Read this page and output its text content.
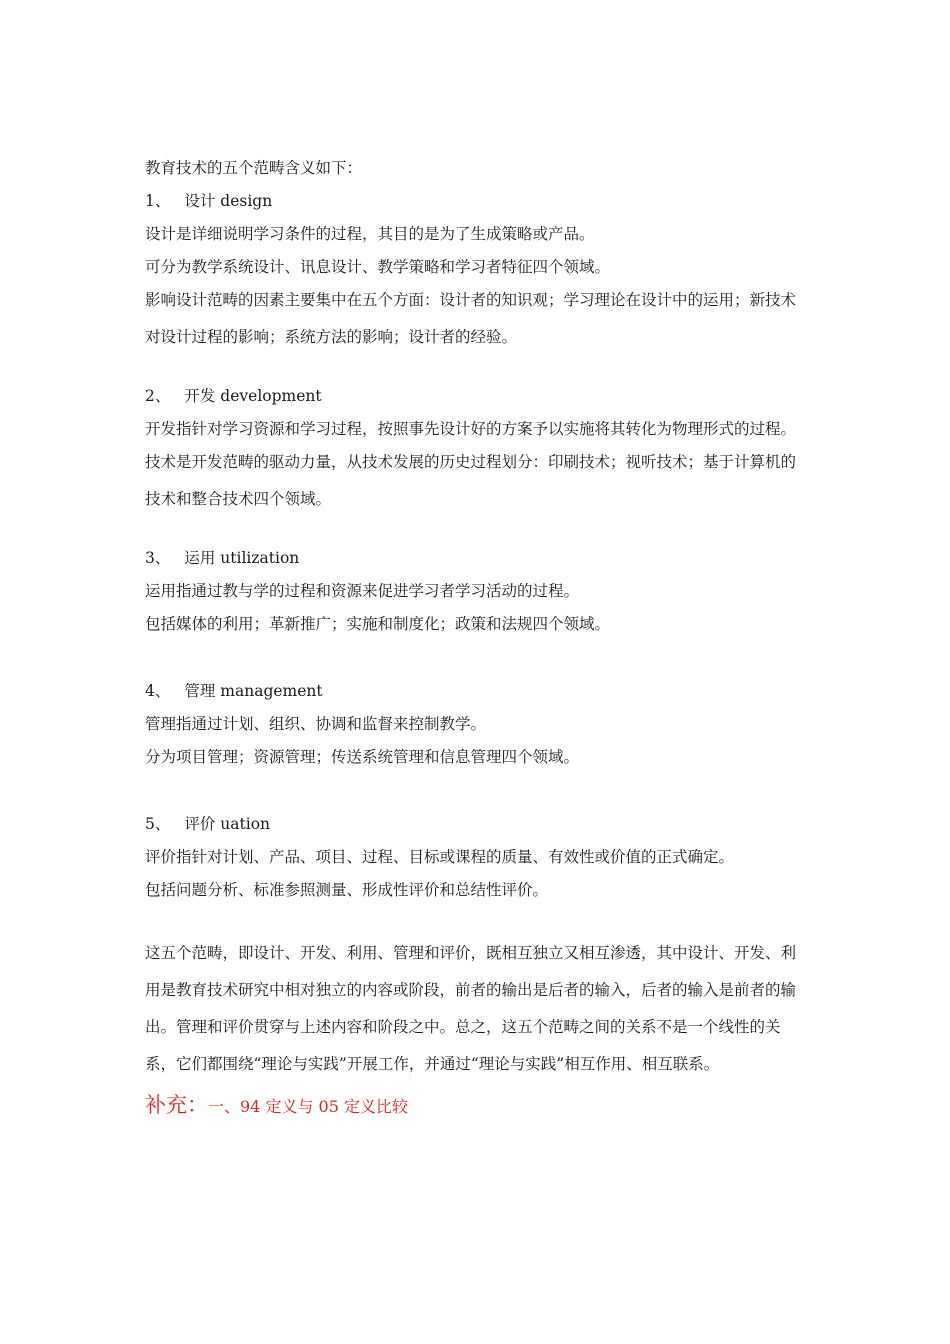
教育技术的五个范畴含义如下：

1、 设计 design

设计是详细说明学习条件的过程，其目的是为了生成策略或产品。

可分为教学系统设计、讯息设计、教学策略和学习者特征四个领域。

影响设计范畴的因素主要集中在五个方面：设计者的知识观；学习理论在设计中的运用；新技术对设计过程的影响；系统方法的影响；设计者的经验。

2、 开发 development

开发指针对学习资源和学习过程，按照事先设计好的方案予以实施将其转化为物理形式的过程。

技术是开发范畴的驱动力量，从技术发展的历史过程划分：印刷技术；视听技术；基于计算机的技术和整合技术四个领域。

3、 运用 utilization

运用指通过教与学的过程和资源来促进学习者学习活动的过程。

包括媒体的利用；革新推广；实施和制度化；政策和法规四个领域。

4、 管理 management

管理指通过计划、组织、协调和监督来控制教学。

分为项目管理；资源管理；传送系统管理和信息管理四个领域。

5、 评价 uation

评价指针对计划、产品、项目、过程、目标或课程的质量、有效性或价值的正式确定。

包括问题分析、标准参照测量、形成性评价和总结性评价。

这五个范畴，即设计、开发、利用、管理和评价，既相互独立又相互渗透，其中设计、开发、利用是教育技术研究中相对独立的内容或阶段，前者的输出是后者的输入，后者的输入是前者的输出。管理和评价贯穿与上述内容和阶段之中。总之，这五个范畴之间的关系不是一个线性的关系，它们都围绕“理论与实践”开展工作，并通过“理论与实践”相互作用、相互联系。

补充：一、94 定义与 05 定义比较
